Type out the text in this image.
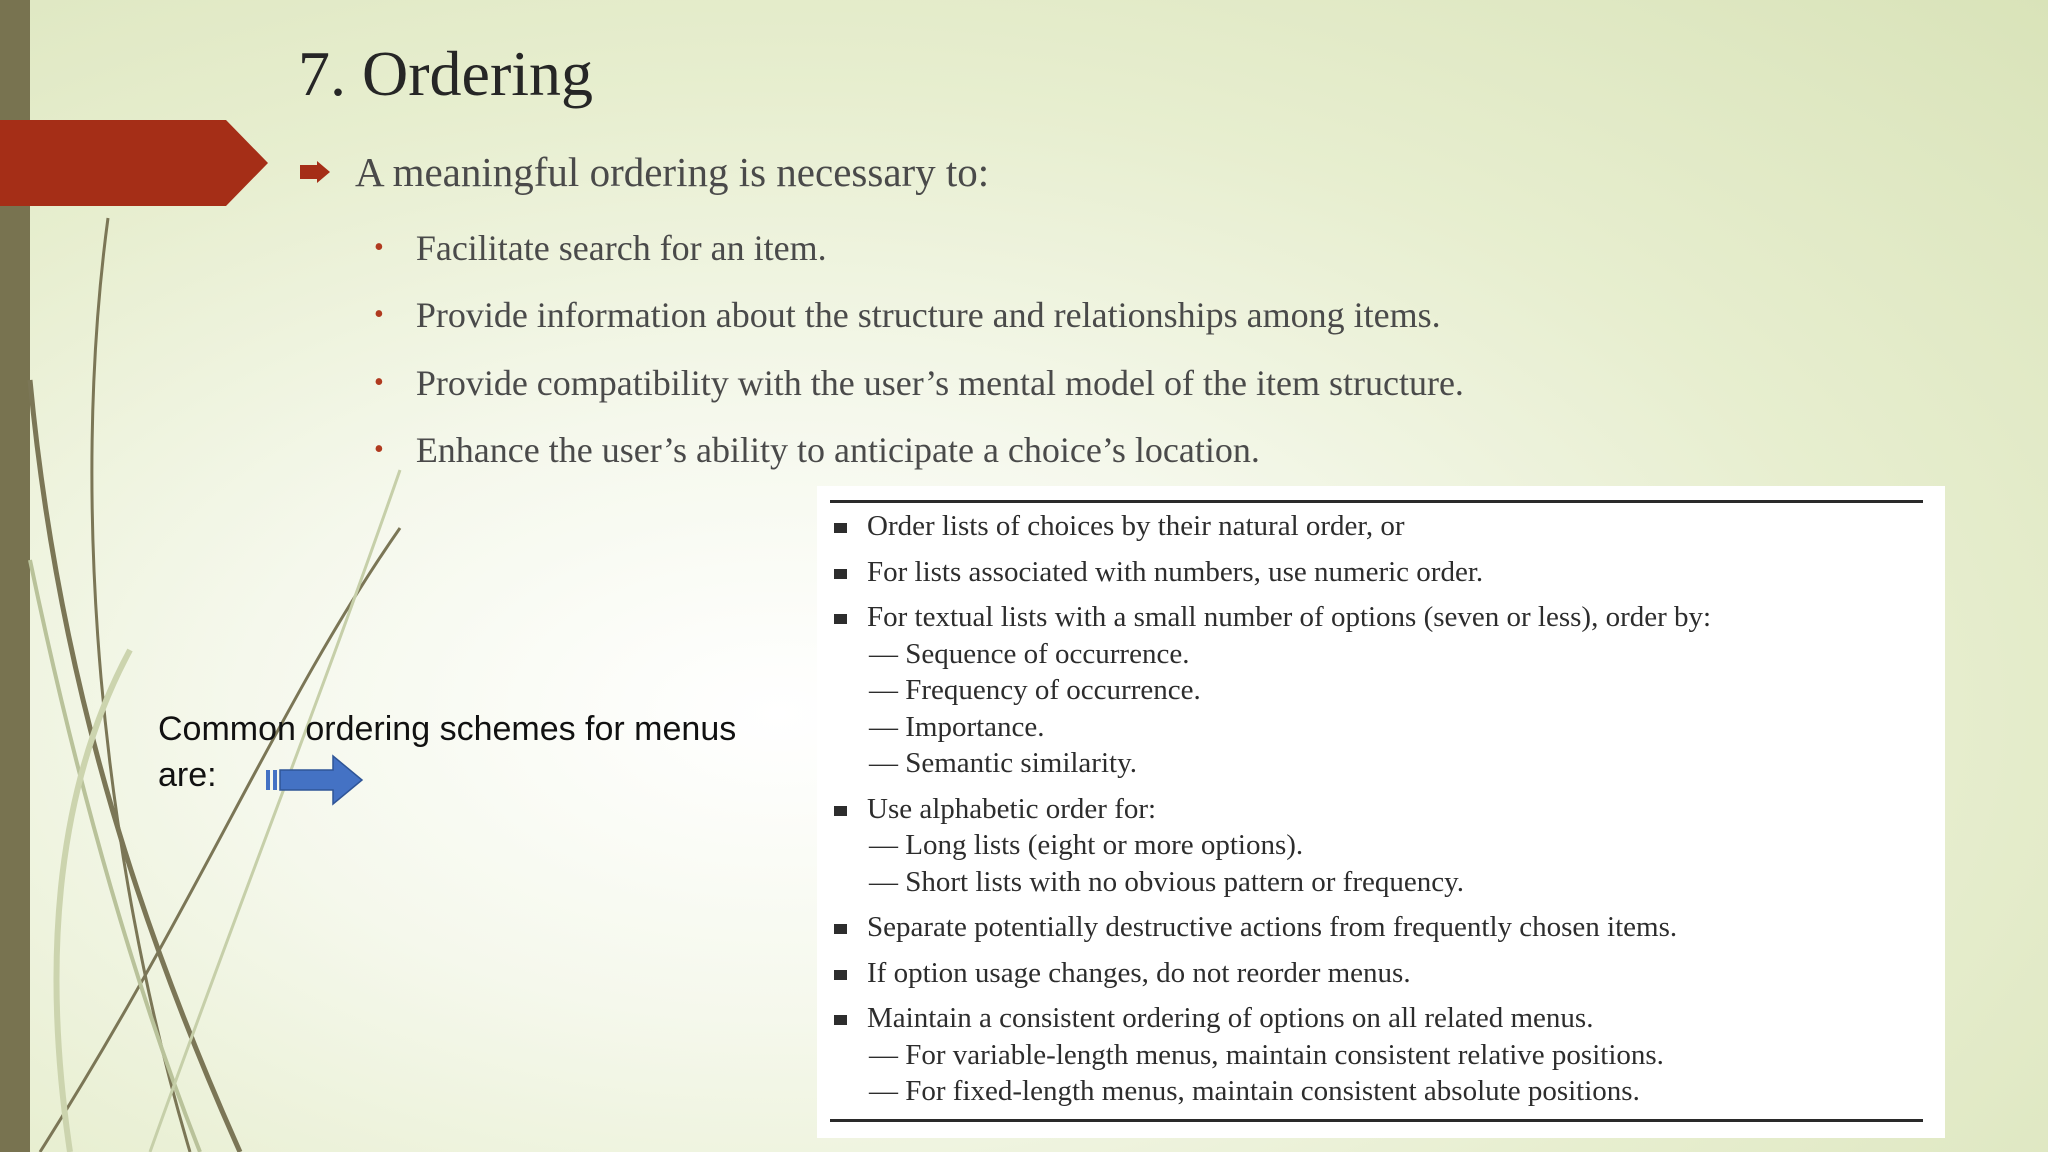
7. Ordering
A meaningful ordering is necessary to:
• Facilitate search for an item.
• Provide information about the structure and relationships among items.
• Provide compatibility with the user’s mental model of the item structure.
• Enhance the user’s ability to anticipate a choice’s location.
Order lists of choices by their natural order, or
For lists associated with numbers, use numeric order.
For textual lists with a small number of options (seven or less), order by:
— Sequence of occurrence.
— Frequency of occurrence.
— Importance.
— Semantic similarity.
Use alphabetic order for:
— Long lists (eight or more options).
— Short lists with no obvious pattern or frequency.
Separate potentially destructive actions from frequently chosen items.
If option usage changes, do not reorder menus.
Maintain a consistent ordering of options on all related menus.
— For variable-length menus, maintain consistent relative positions.
— For fixed-length menus, maintain consistent absolute positions.

Common ordering schemes for menus are:
